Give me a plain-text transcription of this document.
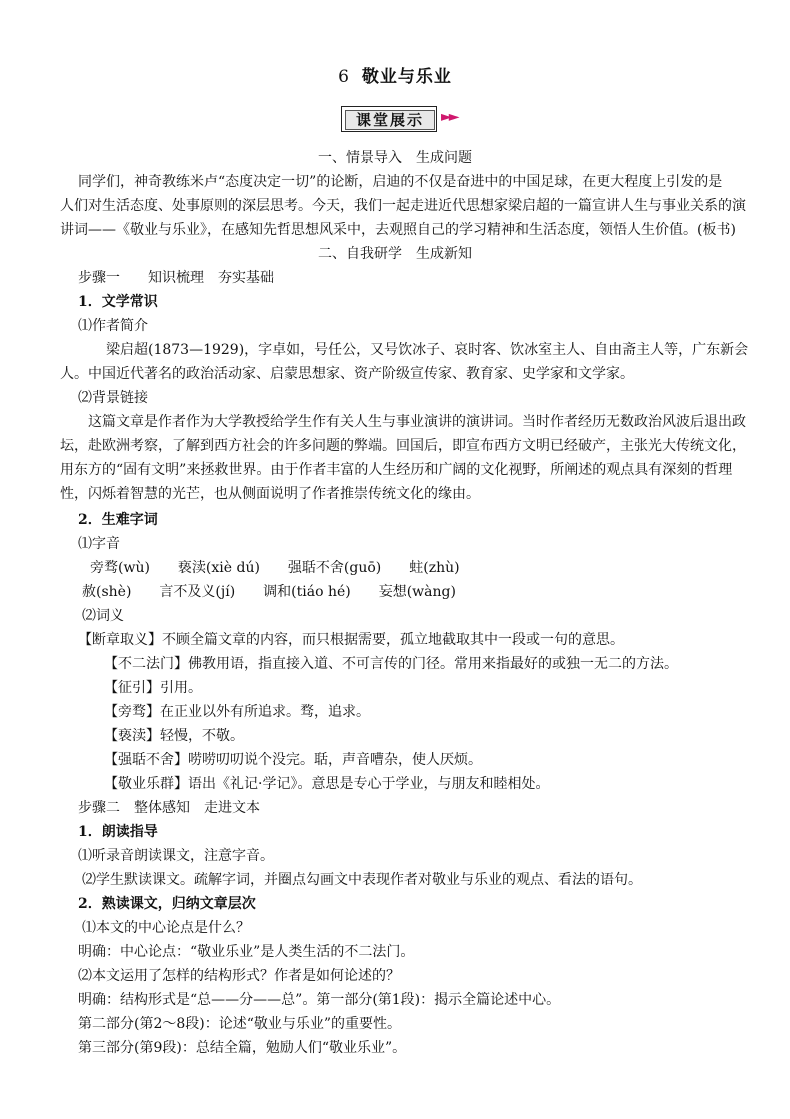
6 敬业与乐业
课堂展示	►►
一、情景导入　生成问题
同学们，神奇教练米卢“态度决定一切”的论断，启迪的不仅是奋进中的中国足球，在更大程度上引发的是
人们对生活态度、处事原则的深层思考。今天，我们一起走进近代思想家梁启超的一篇宣讲人生与事业关系的演
讲词——《敬业与乐业》，在感知先哲思想风采中，去观照自己的学习精神和生活态度，领悟人生价值。(板书)
二、自我研学　生成新知
步骤一　　知识梳理　夯实基础
1．文学常识
⑴作者简介
梁启超(1873—1929)，字卓如，号任公，又号饮冰子、哀时客、饮冰室主人、自由斋主人等，广东新会
人。中国近代著名的政治活动家、启蒙思想家、资产阶级宣传家、教育家、史学家和文学家。
⑵背景链接
这篇文章是作者作为大学教授给学生作有关人生与事业演讲的演讲词。当时作者经历无数政治风波后退出政
坛，赴欧洲考察，了解到西方社会的许多问题的弊端。回国后，即宣布西方文明已经破产，主张光大传统文化，
用东方的“固有文明”来拯救世界。由于作者丰富的人生经历和广阔的文化视野，所阐述的观点具有深刻的哲理
性，闪烁着智慧的光芒，也从侧面说明了作者推崇传统文化的缘由。
2．生难字词
⑴字音
旁骛(wù)　　亵渎(xiè dú)　　强聒不舍(guō)　　蛀(zhù)
赦(shè)　　言不及义(jí)　　调和(tiáo hé)　　妄想(wàng)
⑵词义
【断章取义】不顾全篇文章的内容，而只根据需要，孤立地截取其中一段或一句的意思。
【不二法门】佛教用语，指直接入道、不可言传的门径。常用来指最好的或独一无二的方法。
【征引】引用。
【旁骛】在正业以外有所追求。骛，追求。
【亵渎】轻慢，不敬。
【强聒不舍】唠唠叨叨说个没完。聒，声音嘈杂，使人厌烦。
【敬业乐群】语出《礼记·学记》。意思是专心于学业，与朋友和睦相处。
步骤二　整体感知　走进文本
1．朗读指导
⑴听录音朗读课文，注意字音。
⑵学生默读课文。疏解字词，并圈点勾画文中表现作者对敬业与乐业的观点、看法的语句。
2．熟读课文，归纳文章层次
⑴本文的中心论点是什么？
明确：中心论点：“敬业乐业”是人类生活的不二法门。
⑵本文运用了怎样的结构形式？作者是如何论述的？
明确：结构形式是“总——分——总”。第一部分(第1段)：揭示全篇论述中心。
第二部分(第2～8段)：论述“敬业与乐业”的重要性。
第三部分(第9段)：总结全篇，勉励人们“敬业乐业”。
